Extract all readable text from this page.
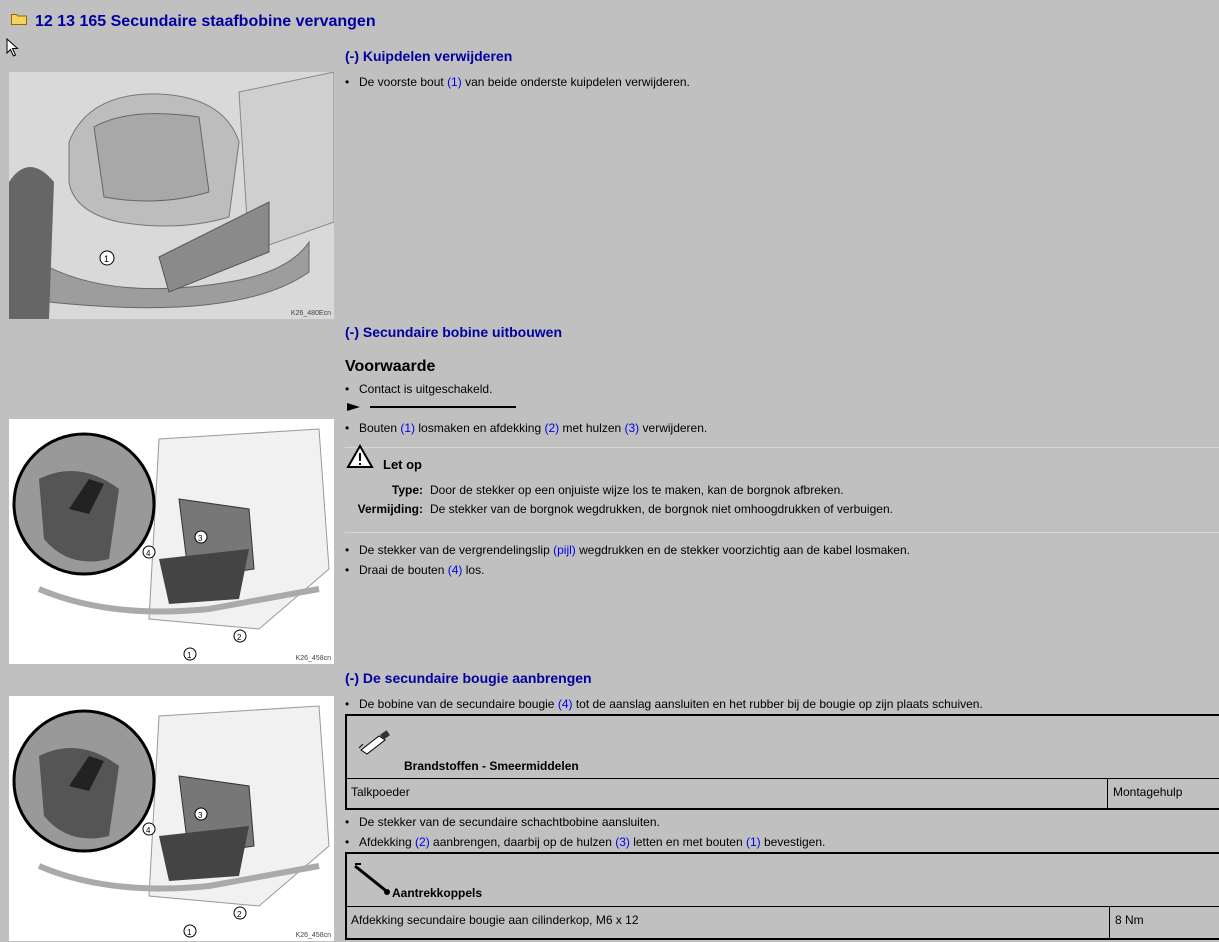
12 13 165 Secundaire staafbobine vervangen
1
K26_480Ecn
(-) Kuipdelen verwijderen
• De voorste bout (1) van beide onderste kuipdelen verwijderen.
(-) Secundaire bobine uitbouwen
Voorwaarde
• Contact is uitgeschakeld.
4
3
2
1	K26_458cn
• Bouten (1) losmaken en afdekking (2) met hulzen (3) verwijderen.
Let op
Type: Door de stekker op een onjuiste wijze los te maken, kan de borgnok afbreken.
Vermijding: De stekker van de borgnok wegdrukken, de borgnok niet omhoogdrukken of verbuigen.
• De stekker van de vergrendelingslip (pijl) wegdrukken en de stekker voorzichtig aan de kabel losmaken.
• Draai de bouten (4) los.
(-) De secundaire bougie aanbrengen
• De bobine van de secundaire bougie (4) tot de aanslag aansluiten en het rubber bij de bougie op zijn plaats schuiven.
4
3
2
1	K26_458cn
Brandstoffen - Smeermiddelen
Talkpoeder	Montagehulp
• De stekker van de secundaire schachtbobine aansluiten.
• Afdekking (2) aanbrengen, daarbij op de hulzen (3) letten en met bouten (1) bevestigen.
Aantrekkoppels
Afdekking secundaire bougie aan cilinderkop, M6 x 12	8 Nm
